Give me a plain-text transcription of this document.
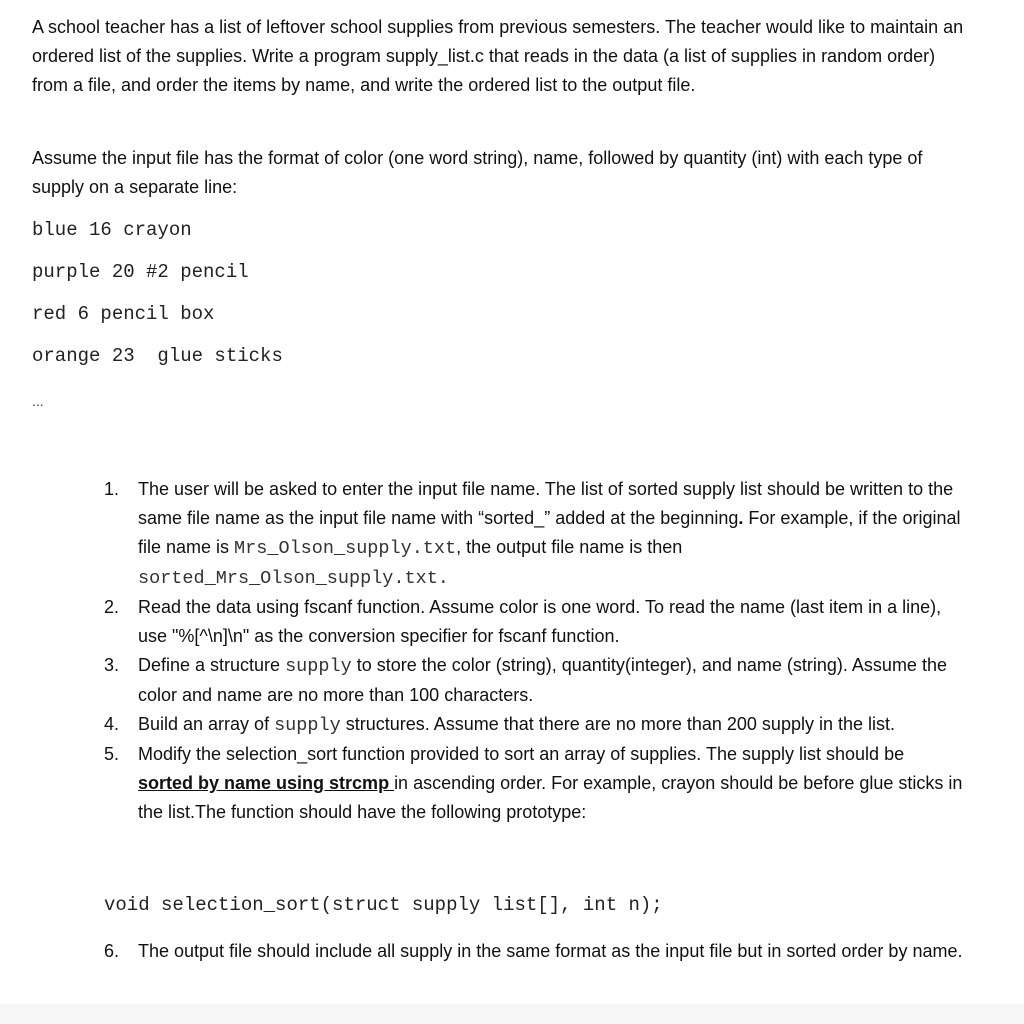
A school teacher has a list of leftover school supplies from previous semesters. The teacher would like to maintain an ordered list of the supplies. Write a program supply_list.c that reads in the data (a list of supplies in random order) from a file, and order the items by name, and write the ordered list to the output file.

Assume the input file has the format of color (one word string), name, followed by quantity (int) with each type of supply on a separate line:

blue 16 crayon
purple 20 #2 pencil
red 6 pencil box
orange 23  glue sticks
...
1. The user will be asked to enter the input file name. The list of sorted supply list should be written to the same file name as the input file name with “sorted_” added at the beginning. For example, if the original file name is Mrs_Olson_supply.txt, the output file name is then sorted_Mrs_Olson_supply.txt.
2. Read the data using fscanf function. Assume color is one word. To read the name (last item in a line), use "%[^\n]\n" as the conversion specifier for fscanf function.
3. Define a structure supply to store the color (string), quantity(integer), and name (string). Assume the color and name are no more than 100 characters.
4. Build an array of supply structures. Assume that there are no more than 200 supply in the list.
5. Modify the selection_sort function provided to sort an array of supplies. The supply list should be sorted by name using strcmp in ascending order. For example, crayon should be before glue sticks in the list.The function should have the following prototype:
void selection_sort(struct supply list[], int n);
6. The output file should include all supply in the same format as the input file but in sorted order by name.
